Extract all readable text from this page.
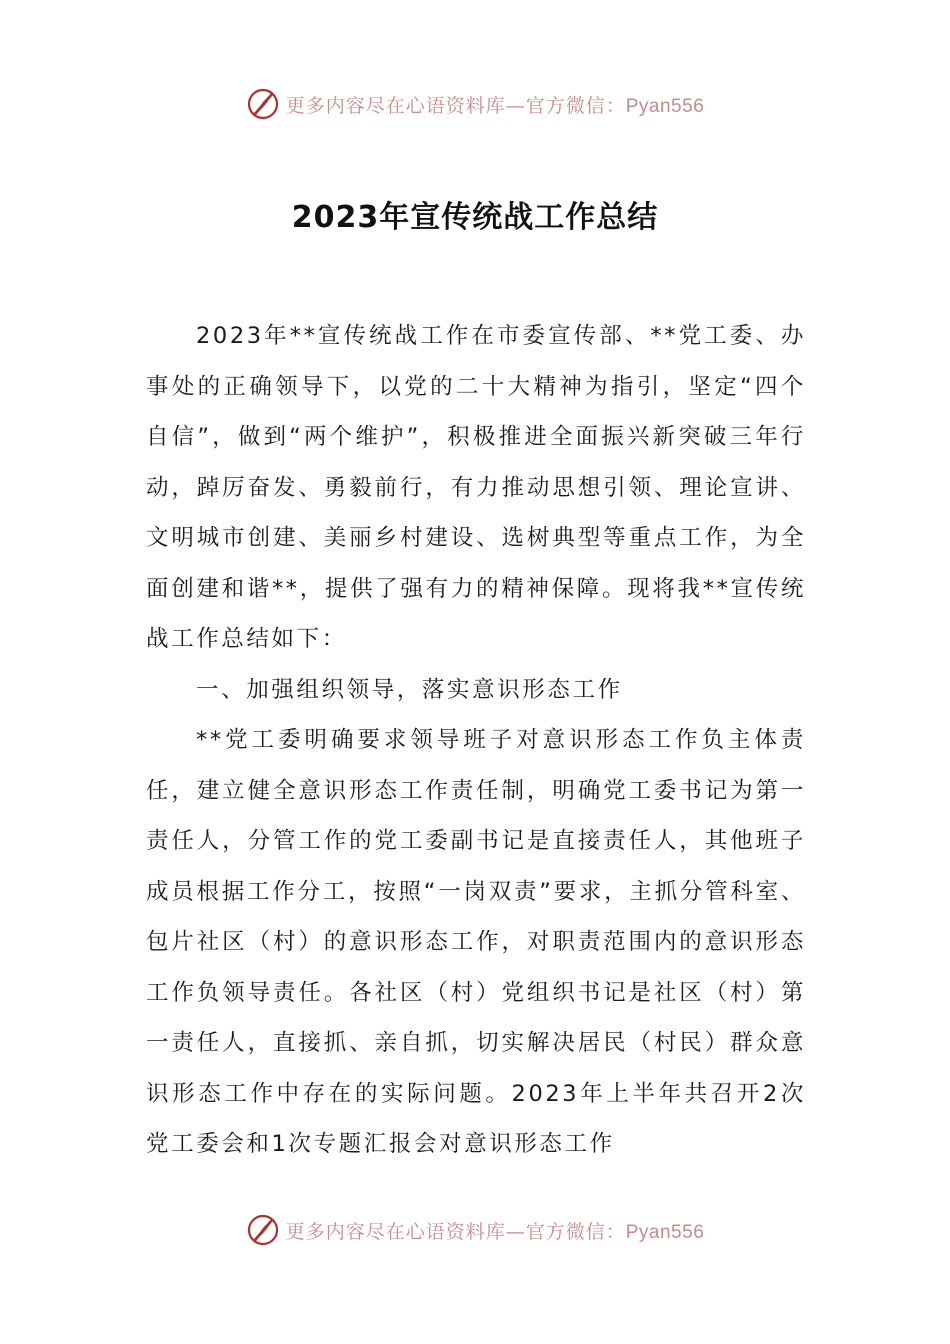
更多内容尽在心语资料库—官方微信：Pyan556
2023年宣传统战工作总结

2023年**宣传统战工作在市委宣传部、**党工委、办事处的正确领导下，以党的二十大精神为指引，坚定“四个自信”，做到“两个维护”，积极推进全面振兴新突破三年行动，踔厉奋发、勇毅前行，有力推动思想引领、理论宣讲、文明城市创建、美丽乡村建设、选树典型等重点工作，为全面创建和谐**，提供了强有力的精神保障。现将我**宣传统战工作总结如下：

一、加强组织领导，落实意识形态工作

**党工委明确要求领导班子对意识形态工作负主体责任，建立健全意识形态工作责任制，明确党工委书记为第一责任人，分管工作的党工委副书记是直接责任人，其他班子成员根据工作分工，按照“一岗双责”要求，主抓分管科室、包片社区（村）的意识形态工作，对职责范围内的意识形态工作负领导责任。各社区（村）党组织书记是社区（村）第一责任人，直接抓、亲自抓，切实解决居民（村民）群众意识形态工作中存在的实际问题。2023年上半年共召开2次党工委会和1次专题汇报会对意识形态工作

更多内容尽在心语资料库—官方微信：Pyan556
